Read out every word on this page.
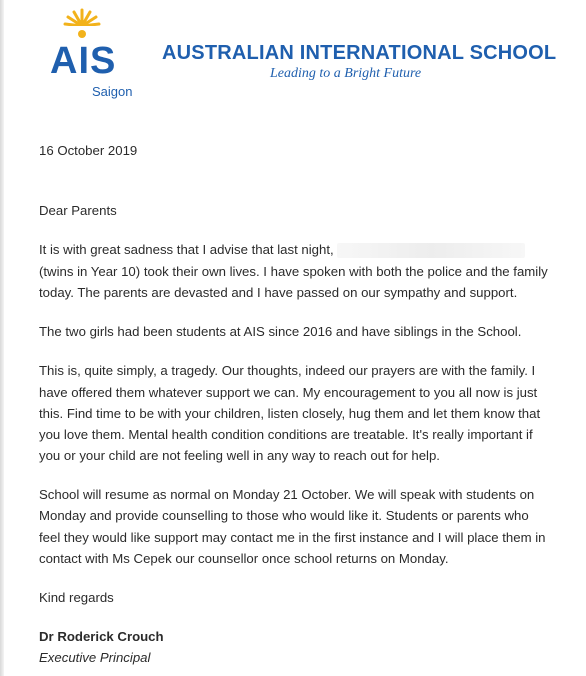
AIS
Saigon
AUSTRALIAN INTERNATIONAL SCHOOL
Leading to a Bright Future
16 October 2019
Dear Parents
It is with great sadness that I advise that last night,
(twins in Year 10) took their own lives. I have spoken with both the police and the family
today. The parents are devasted and I have passed on our sympathy and support.
The two girls had been students at AIS since 2016 and have siblings in the School.
This is, quite simply, a tragedy. Our thoughts, indeed our prayers are with the family. I
have offered them whatever support we can. My encouragement to you all now is just
this. Find time to be with your children, listen closely, hug them and let them know that
you love them. Mental health condition conditions are treatable. It's really important if
you or your child are not feeling well in any way to reach out for help.
School will resume as normal on Monday 21 October. We will speak with students on
Monday and provide counselling to those who would like it. Students or parents who
feel they would like support may contact me in the first instance and I will place them in
contact with Ms Cepek our counsellor once school returns on Monday.
Kind regards
Dr Roderick Crouch
Executive Principal
